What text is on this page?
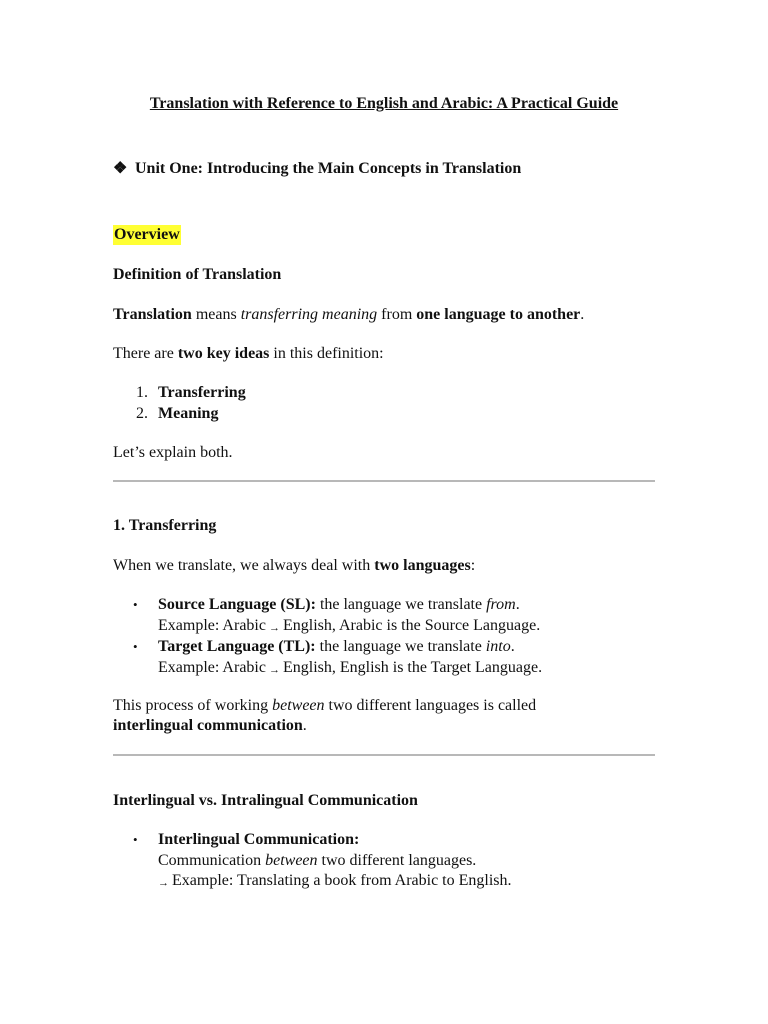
Translation with Reference to English and Arabic: A Practical Guide
❖ Unit One: Introducing the Main Concepts in Translation
Overview
Definition of Translation
Translation means transferring meaning from one language to another.
There are two key ideas in this definition:
1. Transferring
2. Meaning
Let’s explain both.
1. Transferring
When we translate, we always deal with two languages:
• Source Language (SL): the language we translate from.
Example: Arabic → English, Arabic is the Source Language.
• Target Language (TL): the language we translate into.
Example: Arabic → English, English is the Target Language.
This process of working between two different languages is called
interlingual communication.
Interlingual vs. Intralingual Communication
• Interlingual Communication:
Communication between two different languages.
→ Example: Translating a book from Arabic to English.
